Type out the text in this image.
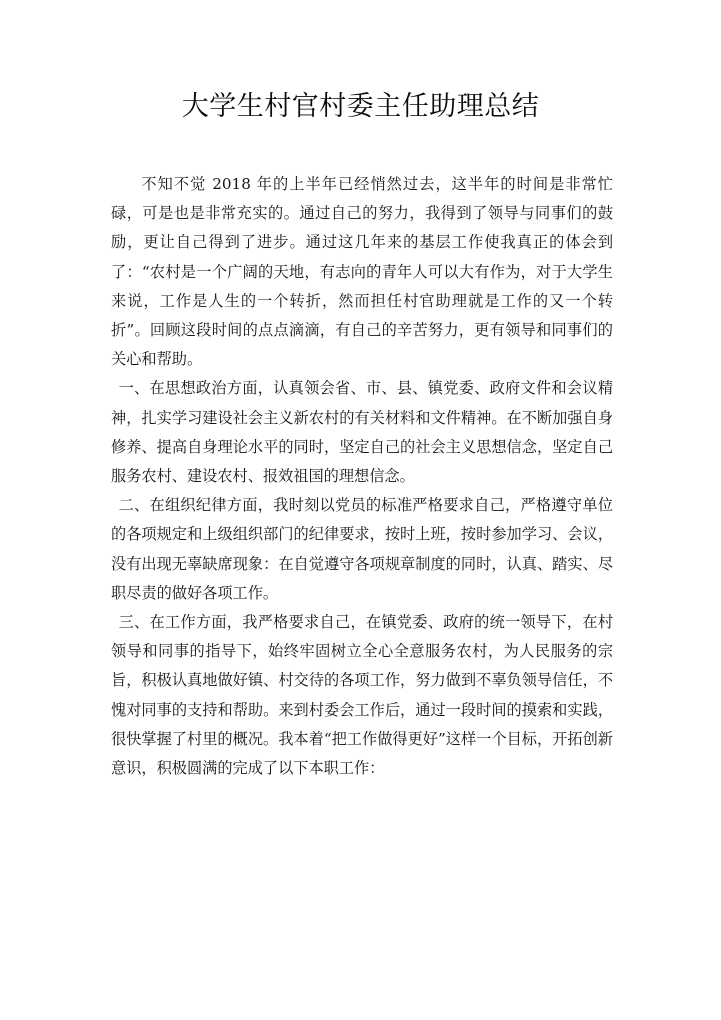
大学生村官村委主任助理总结

不知不觉 2018 年的上半年已经悄然过去，这半年的时间是非常忙碌，可是也是非常充实的。通过自己的努力，我得到了领导与同事们的鼓励，更让自己得到了进步。通过这几年来的基层工作使我真正的体会到了：“农村是一个广阔的天地，有志向的青年人可以大有作为，对于大学生来说，工作是人生的一个转折，然而担任村官助理就是工作的又一个转折”。回顾这段时间的点点滴滴，有自己的辛苦努力，更有领导和同事们的关心和帮助。

一、在思想政治方面，认真领会省、市、县、镇党委、政府文件和会议精神，扎实学习建设社会主义新农村的有关材料和文件精神。在不断加强自身修养、提高自身理论水平的同时，坚定自己的社会主义思想信念，坚定自己服务农村、建设农村、报效祖国的理想信念。

二、在组织纪律方面，我时刻以党员的标准严格要求自己，严格遵守单位的各项规定和上级组织部门的纪律要求，按时上班，按时参加学习、会议，没有出现无辜缺席现象：在自觉遵守各项规章制度的同时，认真、踏实、尽职尽责的做好各项工作。

三、在工作方面，我严格要求自己，在镇党委、政府的统一领导下，在村领导和同事的指导下，始终牢固树立全心全意服务农村，为人民服务的宗旨，积极认真地做好镇、村交待的各项工作，努力做到不辜负领导信任，不愧对同事的支持和帮助。来到村委会工作后，通过一段时间的摸索和实践，很快掌握了村里的概况。我本着“把工作做得更好”这样一个目标，开拓创新意识，积极圆满的完成了以下本职工作：
